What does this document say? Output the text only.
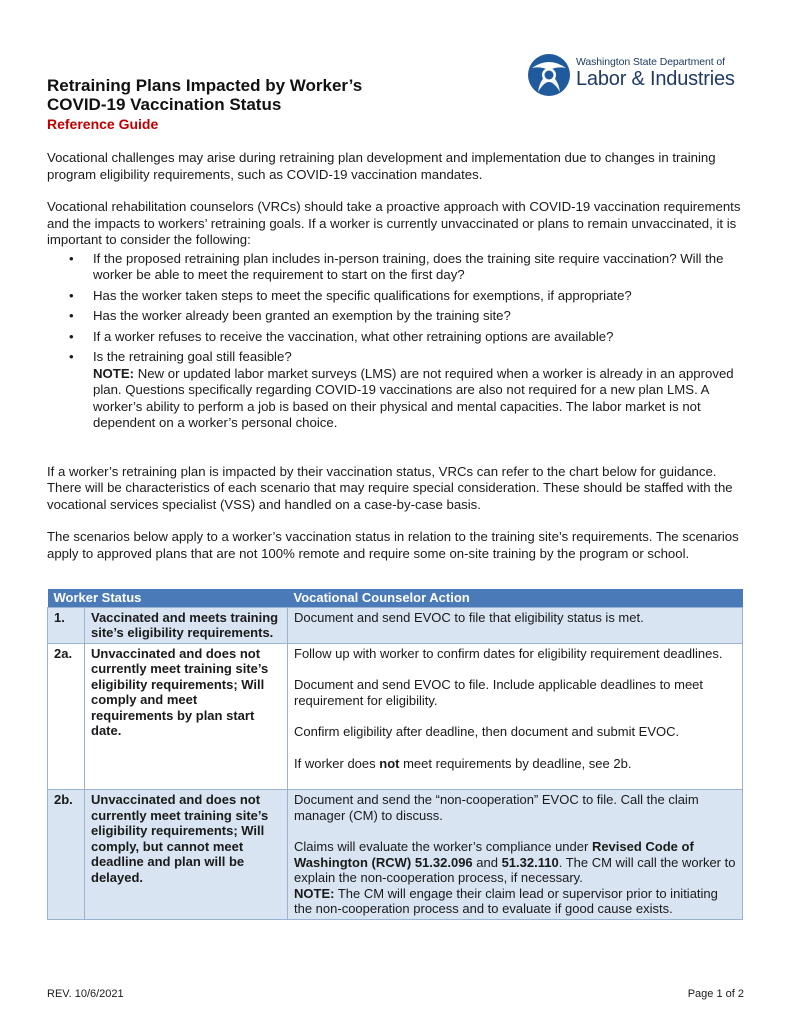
Retraining Plans Impacted by Worker’s
COVID-19 Vaccination Status
Reference Guide
Washington State Department of
Labor & Industries

Vocational challenges may arise during retraining plan development and implementation due to changes in training program eligibility requirements, such as COVID-19 vaccination mandates.

Vocational rehabilitation counselors (VRCs) should take a proactive approach with COVID-19 vaccination requirements and the impacts to workers’ retraining goals. If a worker is currently unvaccinated or plans to remain unvaccinated, it is important to consider the following:

• If the proposed retraining plan includes in-person training, does the training site require vaccination? Will the worker be able to meet the requirement to start on the first day?
• Has the worker taken steps to meet the specific qualifications for exemptions, if appropriate?
• Has the worker already been granted an exemption by the training site?
• If a worker refuses to receive the vaccination, what other retraining options are available?
• Is the retraining goal still feasible?
NOTE: New or updated labor market surveys (LMS) are not required when a worker is already in an approved plan. Questions specifically regarding COVID-19 vaccinations are also not required for a new plan LMS. A worker’s ability to perform a job is based on their physical and mental capacities. The labor market is not dependent on a worker’s personal choice.

If a worker’s retraining plan is impacted by their vaccination status, VRCs can refer to the chart below for guidance. There will be characteristics of each scenario that may require special consideration. These should be staffed with the vocational services specialist (VSS) and handled on a case-by-case basis.

The scenarios below apply to a worker’s vaccination status in relation to the training site’s requirements. The scenarios apply to approved plans that are not 100% remote and require some on-site training by the program or school.

Worker Status		Vocational Counselor Action
1.	Vaccinated and meets training site’s eligibility requirements.	Document and send EVOC to file that eligibility status is met.

2a.	Unvaccinated and does not currently meet training site’s eligibility requirements; Will comply and meet requirements by plan start date.	Follow up with worker to confirm dates for eligibility requirement deadlines.

Document and send EVOC to file. Include applicable deadlines to meet requirement for eligibility.

Confirm eligibility after deadline, then document and submit EVOC.

If worker does not meet requirements by deadline, see 2b.

2b.	Unvaccinated and does not currently meet training site’s eligibility requirements; Will comply, but cannot meet deadline and plan will be delayed.	Document and send the “non-cooperation” EVOC to file. Call the claim manager (CM) to discuss.

Claims will evaluate the worker’s compliance under Revised Code of Washington (RCW) 51.32.096 and 51.32.110. The CM will call the worker to explain the non-cooperation process, if necessary.

NOTE: The CM will engage their claim lead or supervisor prior to initiating the non-cooperation process and to evaluate if good cause exists.

REV. 10/6/2021	Page 1 of 2
